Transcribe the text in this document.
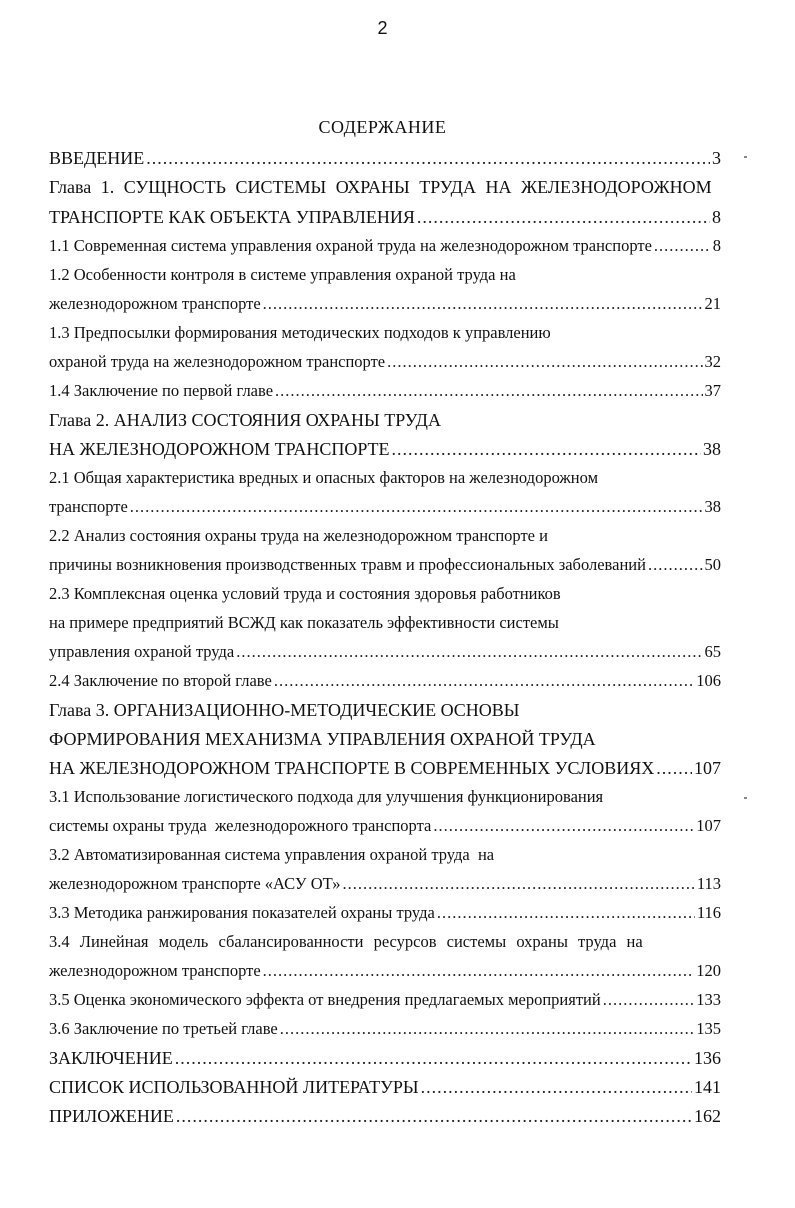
2
СОДЕРЖАНИЕ
ВВЕДЕНИЕ .....	3
Глава 1. СУЩНОСТЬ СИСТЕМЫ ОХРАНЫ ТРУДА НА ЖЕЛЕЗНОДОРОЖНОМ
ТРАНСПОРТЕ КАК ОБЪЕКТА УПРАВЛЕНИЯ .....	8
1.1 Современная система управления охраной труда на железнодорожном транспорте .....	8
1.2 Особенности контроля в системе управления охраной труда на
железнодорожном транспорте .....	21
1.3 Предпосылки формирования методических подходов к управлению
охраной труда на железнодорожном транспорте .....	32
1.4 Заключение по первой главе .....	37
Глава 2. АНАЛИЗ СОСТОЯНИЯ ОХРАНЫ ТРУДА
НА ЖЕЛЕЗНОДОРОЖНОМ ТРАНСПОРТЕ .....	38
2.1 Общая характеристика вредных и опасных факторов на железнодорожном
транспорте .....	38
2.2 Анализ состояния охраны труда на железнодорожном транспорте и
причины возникновения производственных травм и профессиональных заболеваний .....	50
2.3 Комплексная оценка условий труда и состояния здоровья работников
на примере предприятий ВСЖД как показатель эффективности системы
управления охраной труда .....	65
2.4 Заключение по второй главе .....	106
Глава 3. ОРГАНИЗАЦИОННО-МЕТОДИЧЕСКИЕ ОСНОВЫ
ФОРМИРОВАНИЯ МЕХАНИЗМА УПРАВЛЕНИЯ ОХРАНОЙ ТРУДА
НА ЖЕЛЕЗНОДОРОЖНОМ ТРАНСПОРТЕ В СОВРЕМЕННЫХ УСЛОВИЯХ ..... 107
3.1 Использование логистического подхода для улучшения функционирования
системы охраны труда  железнодорожного транспорта .....	107
3.2 Автоматизированная система управления охраной труда  на
железнодорожном транспорте «АСУ ОТ» .....	113
3.3 Методика ранжирования показателей охраны труда .....	116
3.4 Линейная модель сбалансированности ресурсов системы охраны труда на
железнодорожном транспорте .....	120
3.5 Оценка экономического эффекта от внедрения предлагаемых мероприятий .....	133
3.6 Заключение по третьей главе .....	135
ЗАКЛЮЧЕНИЕ .....	136
СПИСОК ИСПОЛЬЗОВАННОЙ ЛИТЕРАТУРЫ .....	141
ПРИЛОЖЕНИЕ .....	162
